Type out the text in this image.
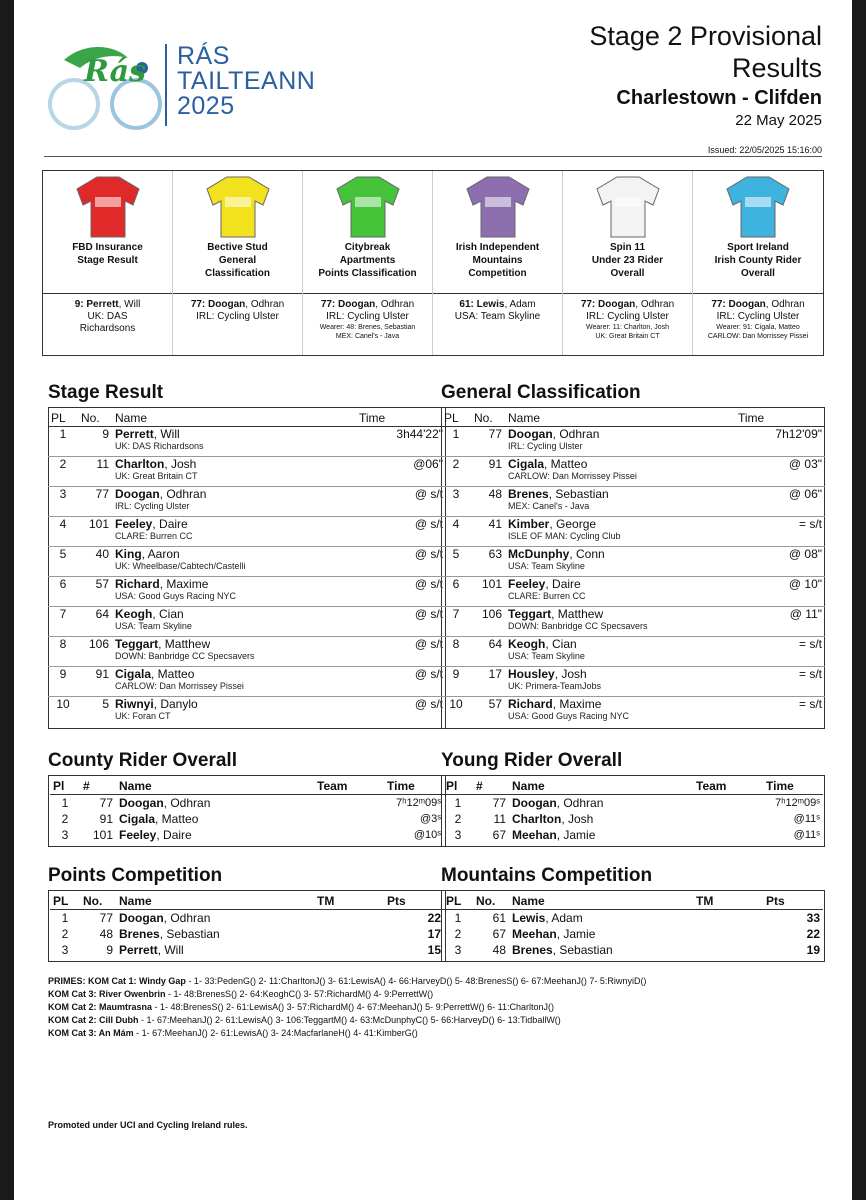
Rás RÁS
TAILTEANN
2025
Stage 2 Provisional
Results
Charlestown - Clifden
22 May 2025
Issued: 22/05/2025 15:16:00
FBD Insurance
Stage Result
9: Perrett, Will
UK: DAS
Richardsons
Bective Stud
General
Classification
77: Doogan, Odhran
IRL: Cycling Ulster
Citybreak
Apartments
Points Classification
77: Doogan, Odhran
IRL: Cycling Ulster
Wearer: 48: Brenes, Sebastian
MEX: Canel's - Java
Irish Independent
Mountains
Competition
61: Lewis, Adam
USA: Team Skyline
Spin 11
Under 23 Rider
Overall
77: Doogan, Odhran
IRL: Cycling Ulster
Wearer: 11: Charlton, Josh
UK: Great Britain CT
Sport Ireland
Irish County Rider
Overall
77: Doogan, Odhran
IRL: Cycling Ulster
Wearer: 91: Cigala, Matteo
CARLOW: Dan Morrissey Pissei
Stage Result
PL	No.	Name	Time
1	9	Perrett, Will
UK: DAS Richardsons	3h44'22"
2	11	Charlton, Josh
UK: Great Britain CT	@06"
3	77	Doogan, Odhran
IRL: Cycling Ulster	@ s/t
4	101	Feeley, Daire
CLARE: Burren CC	@ s/t
5	40	King, Aaron
UK: Wheelbase/Cabtech/Castelli	@ s/t
6	57	Richard, Maxime
USA: Good Guys Racing NYC	@ s/t
7	64	Keogh, Cian
USA: Team Skyline	@ s/t
8	106	Teggart, Matthew
DOWN: Banbridge CC Specsavers	@ s/t
9	91	Cigala, Matteo
CARLOW: Dan Morrissey Pissei	@ s/t
10	5	Riwnyi, Danylo
UK: Foran CT	@ s/t
General Classification
PL	No.	Name	Time
1	77	Doogan, Odhran
IRL: Cycling Ulster	7h12'09"
2	91	Cigala, Matteo
CARLOW: Dan Morrissey Pissei	@ 03"
3	48	Brenes, Sebastian
MEX: Canel's - Java	@ 06"
4	41	Kimber, George
ISLE OF MAN: Cycling Club	= s/t
5	63	McDunphy, Conn
USA: Team Skyline	@ 08"
6	101	Feeley, Daire
CLARE: Burren CC	@ 10"
7	106	Teggart, Matthew
DOWN: Banbridge CC Specsavers	@ 11"
8	64	Keogh, Cian
USA: Team Skyline	= s/t
9	17	Housley, Josh
UK: Primera-TeamJobs	= s/t
10	57	Richard, Maxime
USA: Good Guys Racing NYC	= s/t
County Rider Overall
Pl	#	Name	Team	Time
1	77	Doogan, Odhran		7ʰ12ᵐ09ˢ
2	91	Cigala, Matteo		@3ˢ
3	101	Feeley, Daire		@10ˢ
Young Rider Overall
Pl	#	Name	Team	Time
1	77	Doogan, Odhran		7ʰ12ᵐ09ˢ
2	11	Charlton, Josh		@11ˢ
3	67	Meehan, Jamie		@11ˢ
Points Competition
PL	No.	Name	TM	Pts
1	77	Doogan, Odhran		22
2	48	Brenes, Sebastian		17
3	9	Perrett, Will		15
Mountains Competition
PL	No.	Name	TM	Pts
1	61	Lewis, Adam		33
2	67	Meehan, Jamie		22
3	48	Brenes, Sebastian		19
PRIMES: KOM Cat 1: Windy Gap - 1- 33:PedenG() 2- 11:CharltonJ() 3- 61:LewisA() 4- 66:HarveyD() 5- 48:BrenesS() 6- 67:MeehanJ() 7- 5:RiwnyiD()
KOM Cat 3: River Owenbrin - 1- 48:BrenesS() 2- 64:KeoghC() 3- 57:RichardM() 4- 9:PerrettW()
KOM Cat 2: Maumtrasna - 1- 48:BrenesS() 2- 61:LewisA() 3- 57:RichardM() 4- 67:MeehanJ() 5- 9:PerrettW() 6- 11:CharltonJ()
KOM Cat 2: Cill Dubh - 1- 67:MeehanJ() 2- 61:LewisA() 3- 106:TeggartM() 4- 63:McDunphyC() 5- 66:HarveyD() 6- 13:TidballW()
KOM Cat 3: An Mám - 1- 67:MeehanJ() 2- 61:LewisA() 3- 24:MacfarlaneH() 4- 41:KimberG()
Promoted under UCI and Cycling Ireland rules.
